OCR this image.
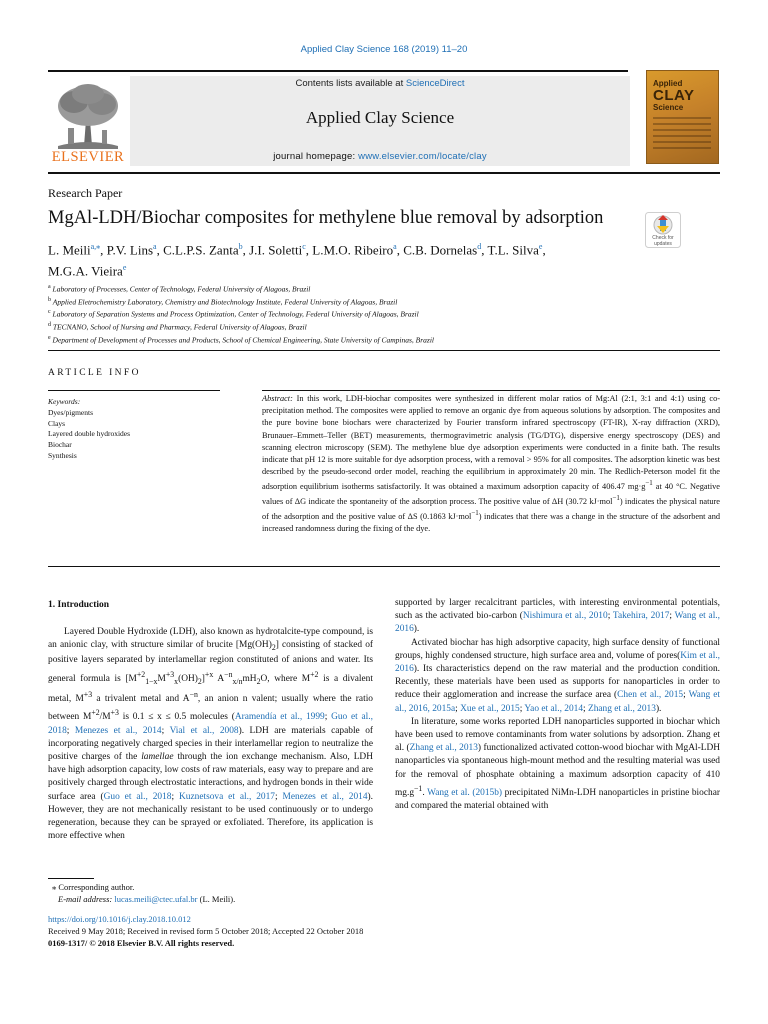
Applied Clay Science 168 (2019) 11–20
ELSEVIER
Contents lists available at ScienceDirect
Applied Clay Science
journal homepage: www.elsevier.com/locate/clay
Applied
CLAY
Science
Research Paper
MgAl-LDH/Biochar composites for methylene blue removal by adsorption
Check for
updates
L. Meili$^{a,⁎}$, P.V. Lins$^a$, C.L.P.S. Zanta$^b$, J.I. Soletti$^c$, L.M.O. Ribeiro$^a$, C.B. Dornelas$^d$, T.L. Silva$^e$,
M.G.A. Vieira$^e$
$^a$ Laboratory of Processes, Center of Technology, Federal University of Alagoas, Brazil
$^b$ Applied Eletrochemistry Laboratory, Chemistry and Biotechnology Institute, Federal University of Alagoas, Brazil
$^c$ Laboratory of Separation Systems and Process Optimization, Center of Technology, Federal University of Alagoas, Brazil
$^d$ TECNANO, School of Nursing and Pharmacy, Federal University of Alagoas, Brazil
$^e$ Department of Development of Processes and Products, School of Chemical Engineering, State University of Campinas, Brazil
ARTICLE INFO
Keywords:
Dyes/pigments
Clays
Layered double hydroxides
Biochar
Synthesis
Abstract: In this work, LDH-biochar composites were synthesized in different molar ratios of Mg:Al (2:1, 3:1 and 4:1) using co-precipitation method. The composites were applied to remove an organic dye from aqueous solutions by adsorption. The composites and the pure bovine bone biochars were characterized by Fourier transform infrared spectroscopy (FT-IR), X-ray diffraction (XRD), Brunauer–Emmett–Teller (BET) measurements, thermogravimetric analysis (TG/DTG), dispersive energy spectroscopy (DES) and scanning electron microscopy (SEM). The methylene blue dye adsorption experiments were conducted in a finite bath. The results indicate that pH 12 is more suitable for dye adsorption process, with a removal > 95% for all composites. The adsorption kinetic was best described by the pseudo-second order model, reaching the equilibrium in approximately 20 min. The Redlich-Peterson model fit the adsorption equilibrium isotherms satisfactorily. It was obtained a maximum adsorption capacity of 406.47 $mg\cdot g^{-1}$ at 40 °C. Negative values of ΔG indicate the spontaneity of the adsorption process. The positive value of ΔH (30.72 kJ·mol$^{-1}$) indicates the physical nature of the adsorption and the positive value of ΔS (0.1863 kJ·mol$^{-1}$) indicates that there was a change in the structure of the adsorbent and increased randomness during the fixing of the dye.
1. Introduction

Layered Double Hydroxide (LDH), also known as hydrotalcite-type compound, is an anionic clay, with structure similar of brucite $[Mg(OH)_2]$ consisting of stacked of positive layers separated by interlamellar region constituted of anions and water. Its general formula is $[M^{+2}_{1-x}M^{+3}_x(OH)_2]^{+x}$ $A^{-n}_{x/n}mH_2O$, where $M^{+2}$ is a divalent metal, $M^{+3}$ a trivalent metal and $A^{-n}$, an anion n valent; usually where the ratio between $M^{+2}/M^{+3}$ is 0.1 ≤ x ≤ 0.5 molecules (Aramendía et al., 1999; Guo et al., 2018; Menezes et al., 2014; Vial et al., 2008). LDH are materials capable of incorporating negatively charged species in their interlamellar region to neutralize the positive charges of the lamellae through the ion exchange mechanism. Also, LDH have high adsorption capacity, low costs of raw materials, easy way to prepare and are positively charged through electrostatic interactions, and hydrogen bonds in their wide surface area (Guo et al., 2018; Kuznetsova et al., 2017; Menezes et al., 2014). However, they are not mechanically resistant to be used continuously or to undergo regeneration, because they can be sprayed or exfoliated. Therefore, its application is more effective when

supported by larger recalcitrant particles, with interesting environmental potentials, such as the activated bio-carbon (Nishimura et al., 2010; Takehira, 2017; Wang et al., 2016).

Activated biochar has high adsorptive capacity, high surface density of functional groups, highly condensed structure, high surface area and, volume of pores(Kim et al., 2016). Its characteristics depend on the raw material and the production condition. Recently, these materials have been used as supports for nanoparticles in order to reduce their agglomeration and increase the surface area (Chen et al., 2015; Wang et al., 2016, 2015a; Xue et al., 2015; Yao et al., 2014; Zhang et al., 2013).

In literature, some works reported LDH nanoparticles supported in biochar which have been used to remove contaminants from water solutions by adsorption. Zhang et al. (Zhang et al., 2013) functionalized activated cotton-wood biochar with MgAl-LDH nanoparticles via spontaneous high-mount method and the resulting material was used for the removal of phosphate obtaining a maximum adsorption capacity of 410 $mg.g^{-1}$. Wang et al. (2015b) precipitated NiMn-LDH nanoparticles in pristine biochar and compared the material obtained with

⁎ Corresponding author.
E-mail address: lucas.meili@ctec.ufal.br (L. Meili).
https://doi.org/10.1016/j.clay.2018.10.012
Received 9 May 2018; Received in revised form 5 October 2018; Accepted 22 October 2018
0169-1317/ © 2018 Elsevier B.V. All rights reserved.
